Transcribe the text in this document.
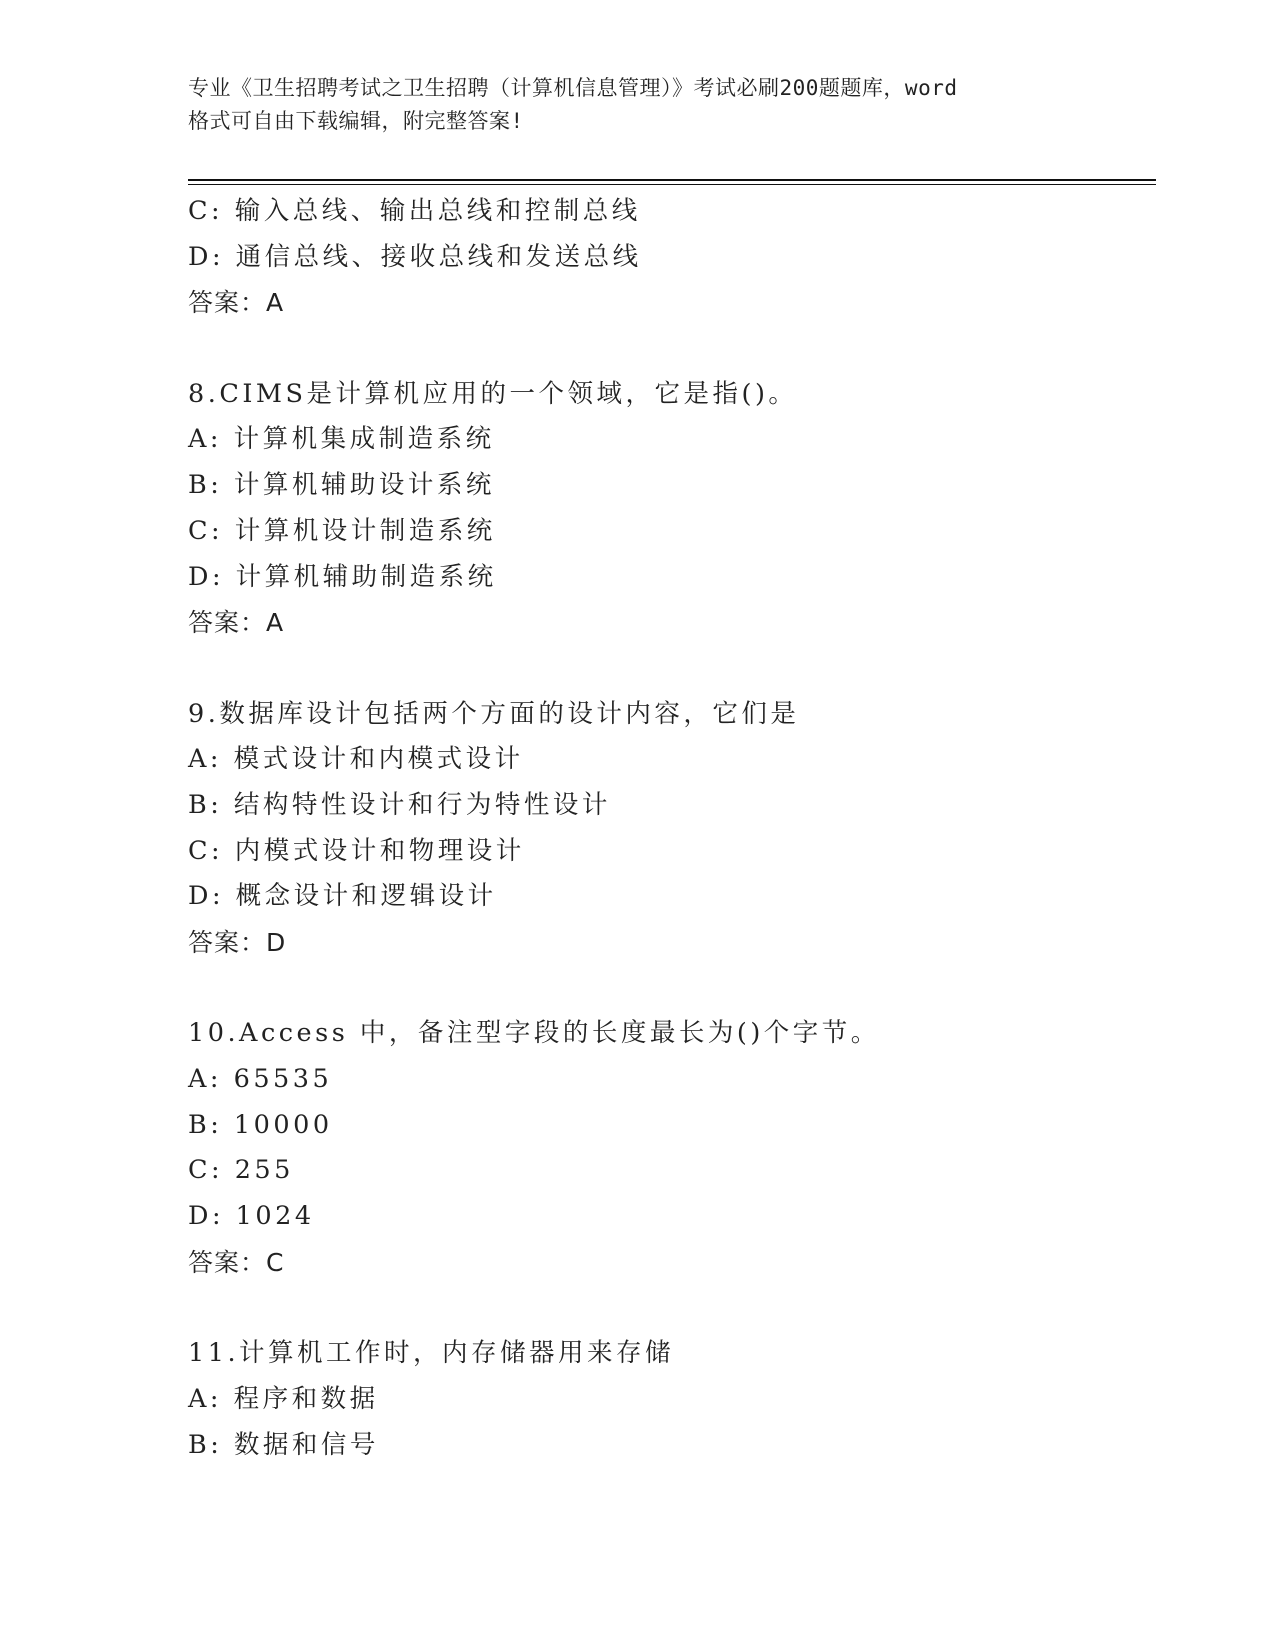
专业《卫生招聘考试之卫生招聘（计算机信息管理）》考试必刷200题题库，word
格式可自由下载编辑，附完整答案!
C: 输入总线、输出总线和控制总线
D: 通信总线、接收总线和发送总线
答案：A
8.CIMS是计算机应用的一个领域，它是指()。
A: 计算机集成制造系统
B: 计算机辅助设计系统
C: 计算机设计制造系统
D: 计算机辅助制造系统
答案：A
9.数据库设计包括两个方面的设计内容，它们是
A: 模式设计和内模式设计
B: 结构特性设计和行为特性设计
C: 内模式设计和物理设计
D: 概念设计和逻辑设计
答案：D
10.Access 中，备注型字段的长度最长为()个字节。
A: 65535
B: 10000
C: 255
D: 1024
答案：C
11.计算机工作时，内存储器用来存储
A: 程序和数据
B: 数据和信号
